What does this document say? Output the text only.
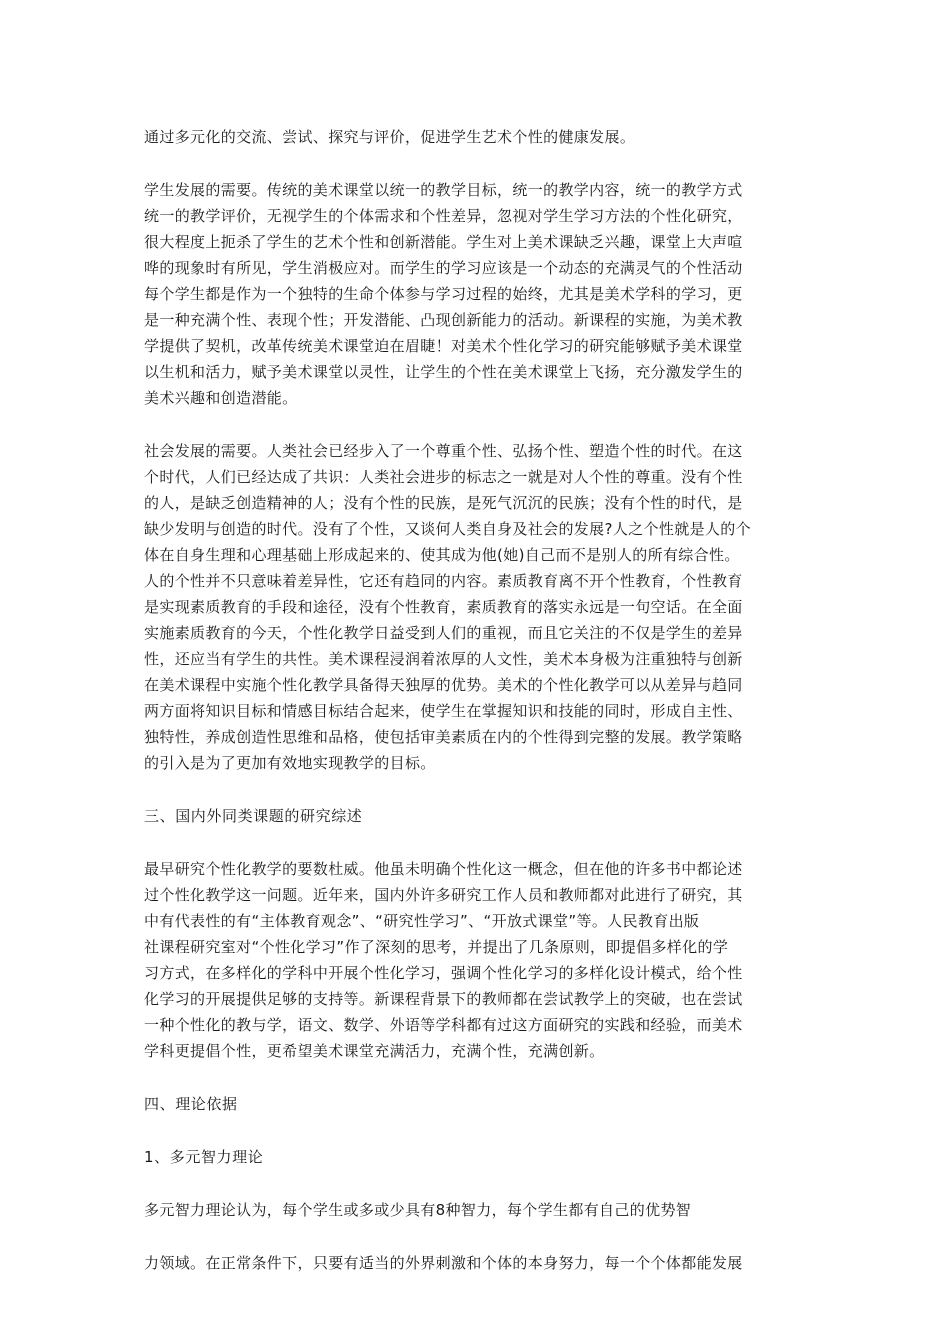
通过多元化的交流、尝试、探究与评价，促进学生艺术个性的健康发展。
学生发展的需要。传统的美术课堂以统一的教学目标，统一的教学内容，统一的教学方式
统一的教学评价，无视学生的个体需求和个性差异，忽视对学生学习方法的个性化研究，
很大程度上扼杀了学生的艺术个性和创新潜能。学生对上美术课缺乏兴趣，课堂上大声喧
哗的现象时有所见，学生消极应对。而学生的学习应该是一个动态的充满灵气的个性活动
每个学生都是作为一个独特的生命个体参与学习过程的始终，尤其是美术学科的学习，更
是一种充满个性、表现个性；开发潜能、凸现创新能力的活动。新课程的实施，为美术教
学提供了契机，改革传统美术课堂迫在眉睫！对美术个性化学习的研究能够赋予美术课堂
以生机和活力，赋予美术课堂以灵性，让学生的个性在美术课堂上飞扬，充分激发学生的
美术兴趣和创造潜能。
社会发展的需要。人类社会已经步入了一个尊重个性、弘扬个性、塑造个性的时代。在这
个时代，人们已经达成了共识：人类社会进步的标志之一就是对人个性的尊重。没有个性
的人，是缺乏创造精神的人；没有个性的民族，是死气沉沉的民族；没有个性的时代，是
缺少发明与创造的时代。没有了个性，又谈何人类自身及社会的发展?人之个性就是人的个
体在自身生理和心理基础上形成起来的、使其成为他(她)自己而不是别人的所有综合性。
人的个性并不只意味着差异性，它还有趋同的内容。素质教育离不开个性教育，个性教育
是实现素质教育的手段和途径，没有个性教育，素质教育的落实永远是一句空话。在全面
实施素质教育的今天，个性化教学日益受到人们的重视，而且它关注的不仅是学生的差异
性，还应当有学生的共性。美术课程浸润着浓厚的人文性，美术本身极为注重独特与创新
在美术课程中实施个性化教学具备得天独厚的优势。美术的个性化教学可以从差异与趋同
两方面将知识目标和情感目标结合起来，使学生在掌握知识和技能的同时，形成自主性、
独特性，养成创造性思维和品格，使包括审美素质在内的个性得到完整的发展。教学策略
的引入是为了更加有效地实现教学的目标。
三、国内外同类课题的研究综述
最早研究个性化教学的要数杜威。他虽未明确个性化这一概念，但在他的许多书中都论述
过个性化教学这一问题。近年来，国内外许多研究工作人员和教师都对此进行了研究，其
中有代表性的有“主体教育观念”、“研究性学习”、“开放式课堂”等。人民教育出版
社课程研究室对“个性化学习”作了深刻的思考，并提出了几条原则，即提倡多样化的学
习方式，在多样化的学科中开展个性化学习，强调个性化学习的多样化设计模式，给个性
化学习的开展提供足够的支持等。新课程背景下的教师都在尝试教学上的突破，也在尝试
一种个性化的教与学，语文、数学、外语等学科都有过这方面研究的实践和经验，而美术
学科更提倡个性，更希望美术课堂充满活力，充满个性，充满创新。
四、理论依据
1、多元智力理论
多元智力理论认为，每个学生或多或少具有8种智力，每个学生都有自己的优势智
力领域。在正常条件下，只要有适当的外界刺激和个体的本身努力，每一个个体都能发展
